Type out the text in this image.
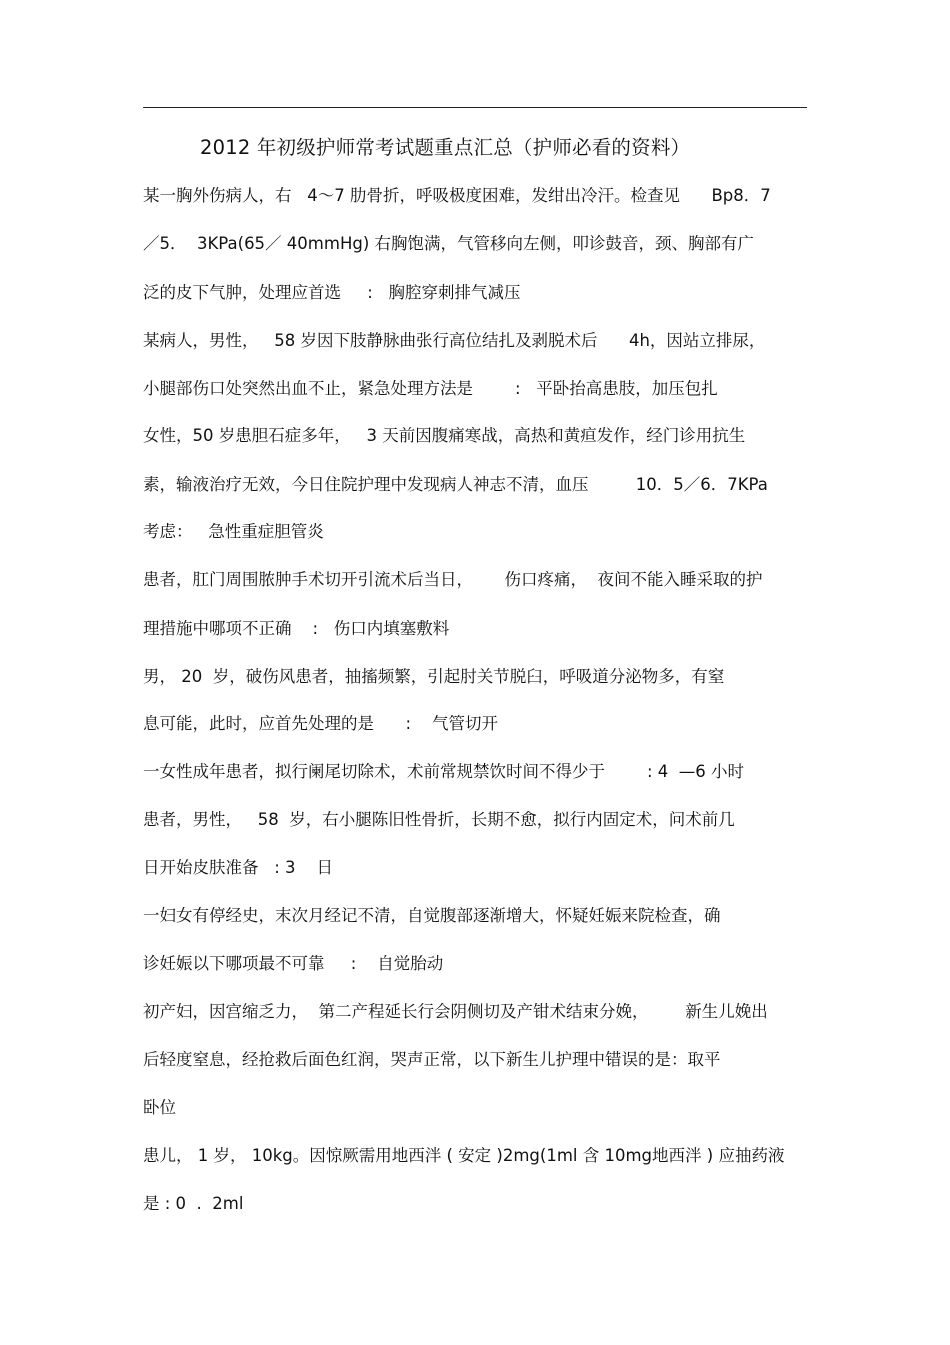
2012 年初级护师常考试题重点汇总（护师必看的资料）
某一胸外伤病人，右   4～7 肋骨折，呼吸极度困难，发绀出冷汗。检查见      Bp8．7
／5．  3KPa(65／ 40mmHg) 右胸饱满，气管移向左侧，叩诊鼓音，颈、胸部有广
泛的皮下气肿，处理应首选     :   胸腔穿刺排气减压
某病人，男性，   58 岁因下肢静脉曲张行高位结扎及剥脱术后      4h，因站立排尿，
小腿部伤口处突然出血不止，紧急处理方法是        :   平卧抬高患肢，加压包扎
女性，50 岁患胆石症多年，   3 天前因腹痛寒战，高热和黄疸发作，经门诊用抗生
素，输液治疗无效，今日住院护理中发现病人神志不清，血压         10．5／6．7KPa
考虑：   急性重症胆管炎
患者，肛门周围脓肿手术切开引流术后当日，      伤口疼痛，  夜间不能入睡采取的护
理措施中哪项不正确    :   伤口内填塞敷料
男， 20  岁，破伤风患者，抽搐频繁，引起肘关节脱臼，呼吸道分泌物多，有窒
息可能，此时，应首先处理的是      :    气管切开
一女性成年患者，拟行阑尾切除术，术前常规禁饮时间不得少于        : 4  —6 小时
患者，男性，   58  岁，右小腿陈旧性骨折，长期不愈，拟行内固定术，问术前几
日开始皮肤准备   : 3    日
一妇女有停经史，末次月经记不清，自觉腹部逐渐增大，怀疑妊娠来院检查，确
诊妊娠以下哪项最不可靠     :    自觉胎动
初产妇，因宫缩乏力，  第二产程延长行会阴侧切及产钳术结束分娩，       新生儿娩出
后轻度窒息，经抢救后面色红润，哭声正常，以下新生儿护理中错误的是：取平
卧位
患儿， 1 岁， 10kg。因惊厥需用地西泮 ( 安定 )2mg(1ml 含 10mg地西泮 ) 应抽药液
是 : 0  .  2ml
